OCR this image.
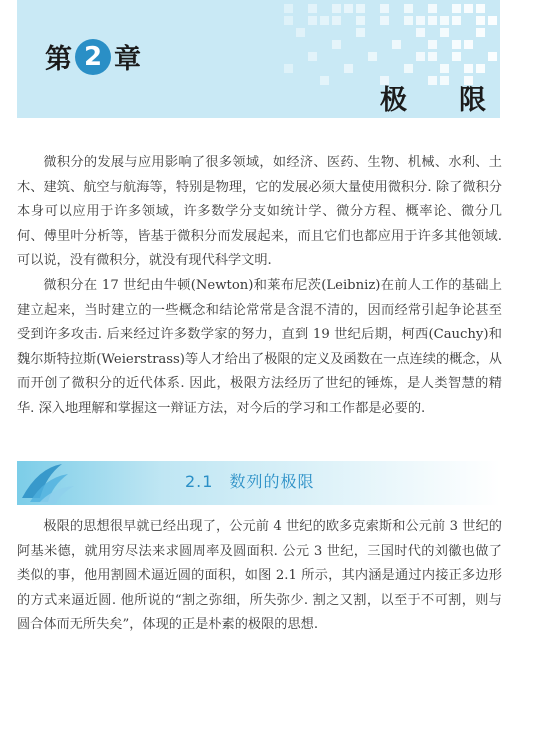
第 2 章
极限

微积分的发展与应用影响了很多领域，如经济、医药、生物、机械、水利、土木、建筑、航空与航海等，特别是物理，它的发展必须大量使用微积分. 除了微积分本身可以应用于许多领域，许多数学分支如统计学、微分方程、概率论、微分几何、傅里叶分析等，皆基于微积分而发展起来，而且它们也都应用于许多其他领域. 可以说，没有微积分，就没有现代科学文明.

微积分在 17 世纪由牛顿(Newton)和莱布尼茨(Leibniz)在前人工作的基础上建立起来，当时建立的一些概念和结论常常是含混不清的，因而经常引起争论甚至受到许多攻击. 后来经过许多数学家的努力，直到 19 世纪后期，柯西(Cauchy)和魏尔斯特拉斯(Weierstrass)等人才给出了极限的定义及函数在一点连续的概念，从而开创了微积分的近代体系. 因此，极限方法经历了世纪的锤炼，是人类智慧的精华. 深入地理解和掌握这一辩证方法，对今后的学习和工作都是必要的.

2.1 数列的极限

极限的思想很早就已经出现了，公元前 4 世纪的欧多克索斯和公元前 3 世纪的阿基米德，就用穷尽法来求圆周率及圆面积. 公元 3 世纪，三国时代的刘徽也做了类似的事，他用割圆术逼近圆的面积，如图 2.1 所示，其内涵是通过内接正多边形的方式来逼近圆. 他所说的“割之弥细，所失弥少. 割之又割，以至于不可割，则与圆合体而无所失矣”，体现的正是朴素的极限的思想.
